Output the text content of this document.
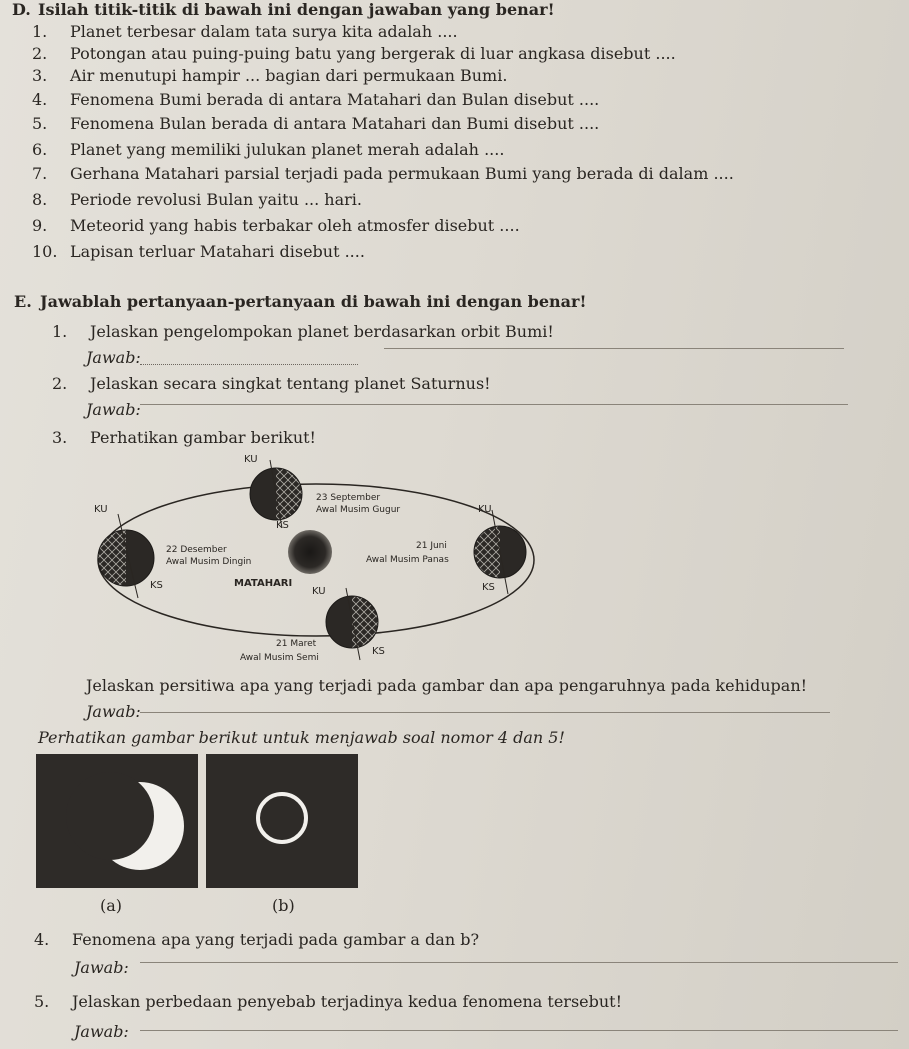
D. Isilah titik-titik di bawah ini dengan jawaban yang benar!
1. Planet terbesar dalam tata surya kita adalah ....
2. Potongan atau puing-puing batu yang bergerak di luar angkasa disebut ....
3. Air menutupi hampir ... bagian dari permukaan Bumi.
4. Fenomena Bumi berada di antara Matahari dan Bulan disebut ....
5. Fenomena Bulan berada di antara Matahari dan Bumi disebut ....
6. Planet yang memiliki julukan planet merah adalah ....
7. Gerhana Matahari parsial terjadi pada permukaan Bumi yang berada di dalam ....
8. Periode revolusi Bulan yaitu ... hari.
9. Meteorid yang habis terbakar oleh atmosfer disebut ....
10. Lapisan terluar Matahari disebut ....
E. Jawablah pertanyaan-pertanyaan di bawah ini dengan benar!
1. Jelaskan pengelompokan planet berdasarkan orbit Bumi!
Jawab:
2. Jelaskan secara singkat tentang planet Saturnus!
Jawab:
3. Perhatikan gambar berikut!
MATAHARI
KU
KS
23 September
Awal Musim Gugur
KU
KS
22 Desember
Awal Musim Dingin
KU
KS
21 Juni
Awal Musim Panas
KU
KS
21 Maret
Awal Musim Semi
Jelaskan persitiwa apa yang terjadi pada gambar dan apa pengaruhnya pada kehidupan!
Jawab:
Perhatikan gambar berikut untuk menjawab soal nomor 4 dan 5!
(a)	(b)
4. Fenomena apa yang terjadi pada gambar a dan b?
Jawab:
5. Jelaskan perbedaan penyebab terjadinya kedua fenomena tersebut!
Jawab:
